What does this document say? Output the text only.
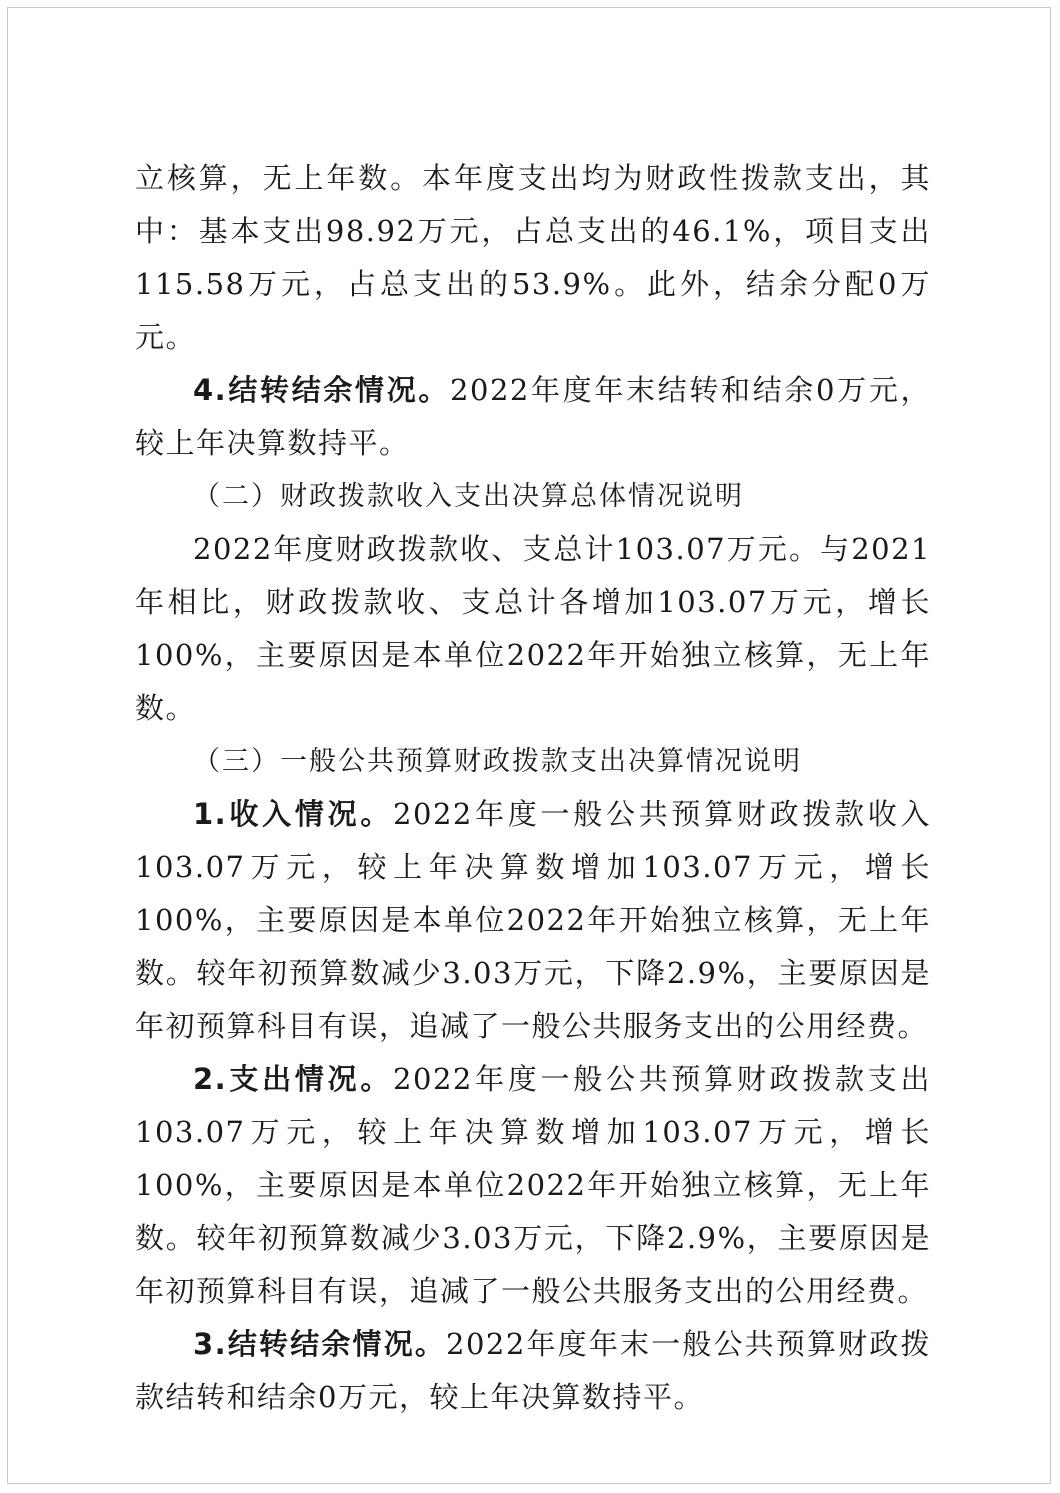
立核算，无上年数。本年度支出均为财政性拨款支出，其中：基本支出98.92万元，占总支出的46.1%，项目支出115.58万元，占总支出的53.9%。此外，结余分配0万元。

4.结转结余情况。2022年度年末结转和结余0万元，较上年决算数持平。

（二）财政拨款收入支出决算总体情况说明

2022年度财政拨款收、支总计103.07万元。与2021年相比，财政拨款收、支总计各增加103.07万元，增长100%，主要原因是本单位2022年开始独立核算，无上年数。

（三）一般公共预算财政拨款支出决算情况说明

1.收入情况。2022年度一般公共预算财政拨款收入103.07万元，较上年决算数增加103.07万元，增长100%，主要原因是本单位2022年开始独立核算，无上年数。较年初预算数减少3.03万元，下降2.9%，主要原因是年初预算科目有误，追减了一般公共服务支出的公用经费。

2.支出情况。2022年度一般公共预算财政拨款支出103.07万元，较上年决算数增加103.07万元，增长100%，主要原因是本单位2022年开始独立核算，无上年数。较年初预算数减少3.03万元，下降2.9%，主要原因是年初预算科目有误，追减了一般公共服务支出的公用经费。

3.结转结余情况。2022年度年末一般公共预算财政拨款结转和结余0万元，较上年决算数持平。
